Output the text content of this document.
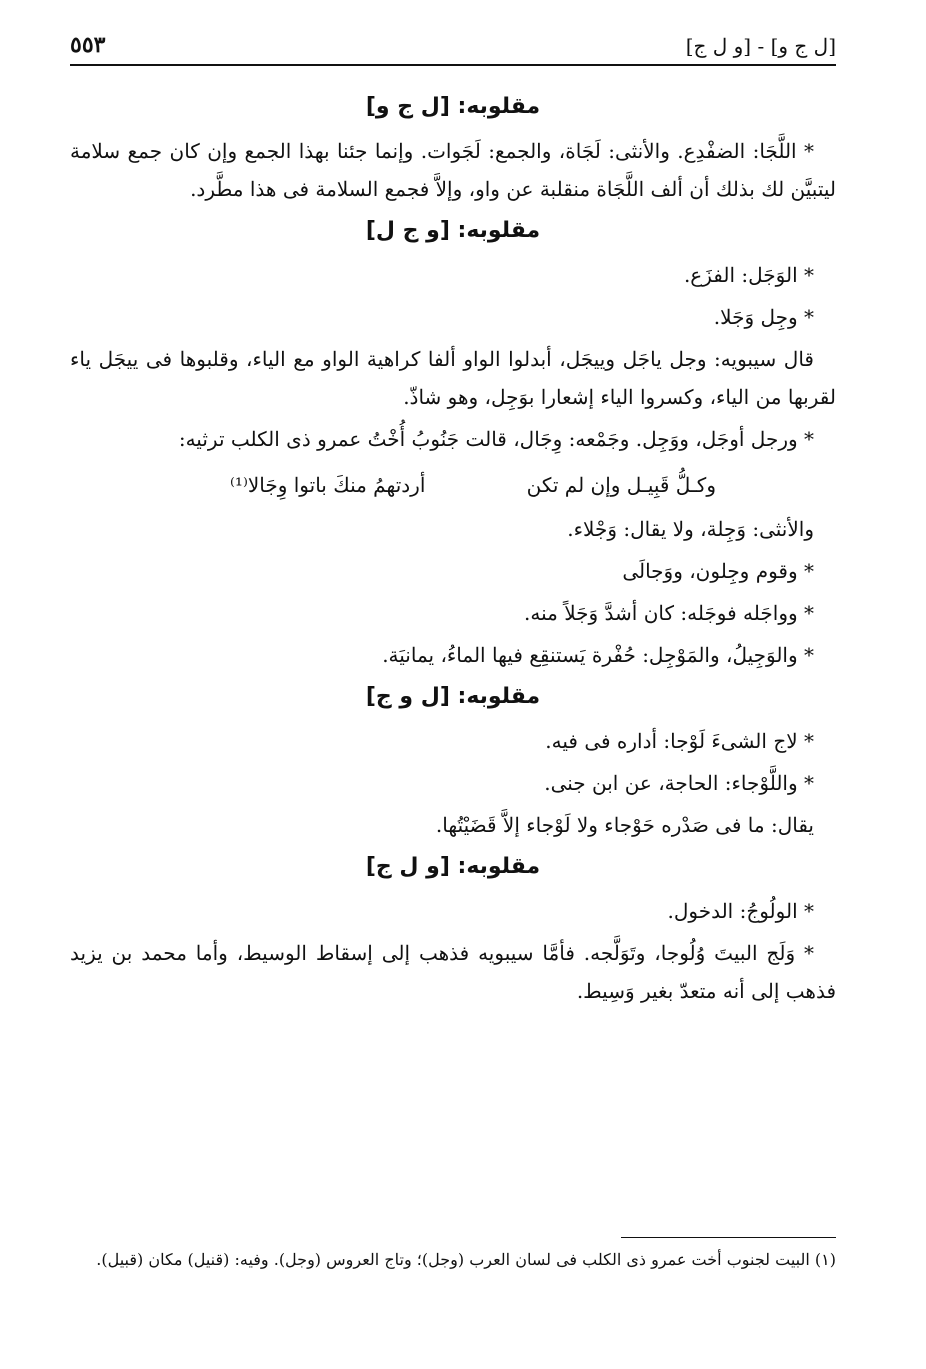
[ل ج و] - [و ل ج]
٥٥٣
مقلوبه: [ل ج و]

* اللَّجَا: الضفْدِع. والأنثى: لَجَاة، والجمع: لَجَوات. وإنما جئنا بهذا الجمع وإن كان جمع سلامة ليتبيَّن لك بذلك أن ألف اللَّجَاة منقلبة عن واو، وإلاَّ فجمع السلامة فى هذا مطَّرد.

مقلوبه: [و ج ل]

* الوَجَل: الفزَع.

* وجِل وَجَلا.

قال سيبويه: وجل ياجَل وييجَل، أبدلوا الواو ألفا كراهية الواو مع الياء، وقلبوها فى ييجَل ياء لقربها من الياء، وكسروا الياء إشعارا بوَجِل، وهو شاذّ.

* ورجل أوجَل، ووَجِل. وجَمْعه: وِجَال، قالت جَنُوبُ أُخْتُ عمرو ذى الكلب ترثيه:

وكـلُّ قَبِيـل وإن لم تكن
أردتهمُ منكَ باتوا وِجَالا⁽¹⁾

والأنثى: وَجِلة، ولا يقال: وَجْلاء.

* وقوم وجِلون، ووَجالَى

* وواجَله فوجَله: كان أشدَّ وَجَلاً منه.

* والوَجِيلُ، والمَوْجِل: حُفْرة يَستنقِع فيها الماءُ، يمانيَة.

مقلوبه: [ل و ج]

* لاج الشىءَ لَوْجا: أداره فى فيه.

* واللَّوْجاء: الحاجة، عن ابن جنى.

يقال: ما فى صَدْره حَوْجاء ولا لَوْجاء إلاَّ قَضَيْتُها.

مقلوبه: [و ل ج]

* الولُوجُ: الدخول.

* وَلَج البيتَ وُلُوجا، وتَوَلَّجه. فأمَّا سيبويه فذهب إلى إسقاط الوسيط، وأما محمد بن يزيد فذهب إلى أنه متعدّ بغير وَسِيط.

(١) البيت لجنوب أخت عمرو ذى الكلب فى لسان العرب (وجل)؛ وتاج العروس (وجل). وفيه: (قنيل) مكان (قبيل).
